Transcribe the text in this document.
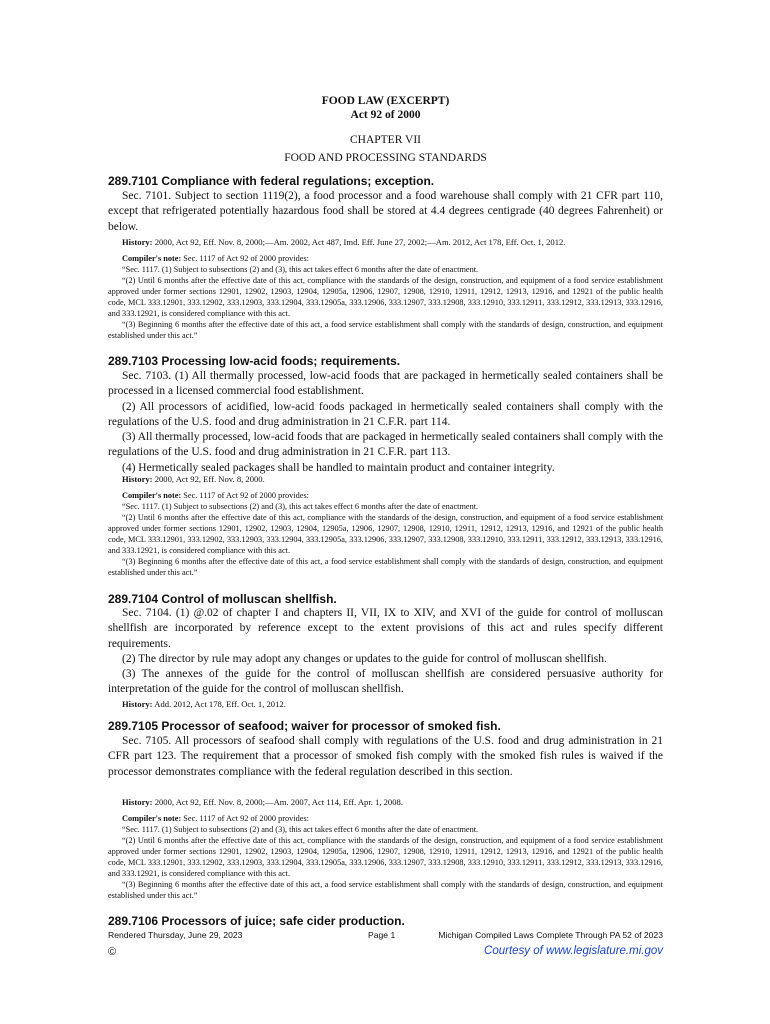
FOOD LAW (EXCERPT)
Act 92 of 2000
CHAPTER VII
FOOD AND PROCESSING STANDARDS
289.7101 Compliance with federal regulations; exception.

Sec. 7101. Subject to section 1119(2), a food processor and a food warehouse shall comply with 21 CFR part 110, except that refrigerated potentially hazardous food shall be stored at 4.4 degrees centigrade (40 degrees Fahrenheit) or below.

History: 2000, Act 92, Eff. Nov. 8, 2000;—Am. 2002, Act 487, Imd. Eff. June 27, 2002;—Am. 2012, Act 178, Eff. Oct. 1, 2012.

Compiler's note: Sec. 1117 of Act 92 of 2000 provides:

“Sec. 1117. (1) Subject to subsections (2) and (3), this act takes effect 6 months after the date of enactment.

“(2) Until 6 months after the effective date of this act, compliance with the standards of the design, construction, and equipment of a food service establishment approved under former sections 12901, 12902, 12903, 12904, 12905a, 12906, 12907, 12908, 12910, 12911, 12912, 12913, 12916, and 12921 of the public health code, MCL 333.12901, 333.12902, 333.12903, 333.12904, 333.12905a, 333.12906, 333.12907, 333.12908, 333.12910, 333.12911, 333.12912, 333.12913, 333.12916, and 333.12921, is considered compliance with this act.

“(3) Beginning 6 months after the effective date of this act, a food service establishment shall comply with the standards of design, construction, and equipment established under this act.”

289.7103 Processing low-acid foods; requirements.

Sec. 7103. (1) All thermally processed, low-acid foods that are packaged in hermetically sealed containers shall be processed in a licensed commercial food establishment.

(2) All processors of acidified, low-acid foods packaged in hermetically sealed containers shall comply with the regulations of the U.S. food and drug administration in 21 C.F.R. part 114.

(3) All thermally processed, low-acid foods that are packaged in hermetically sealed containers shall comply with the regulations of the U.S. food and drug administration in 21 C.F.R. part 113.

(4) Hermetically sealed packages shall be handled to maintain product and container integrity.

History: 2000, Act 92, Eff. Nov. 8, 2000.

Compiler's note: Sec. 1117 of Act 92 of 2000 provides:

“Sec. 1117. (1) Subject to subsections (2) and (3), this act takes effect 6 months after the date of enactment.

“(2) Until 6 months after the effective date of this act, compliance with the standards of the design, construction, and equipment of a food service establishment approved under former sections 12901, 12902, 12903, 12904, 12905a, 12906, 12907, 12908, 12910, 12911, 12912, 12913, 12916, and 12921 of the public health code, MCL 333.12901, 333.12902, 333.12903, 333.12904, 333.12905a, 333.12906, 333.12907, 333.12908, 333.12910, 333.12911, 333.12912, 333.12913, 333.12916, and 333.12921, is considered compliance with this act.

“(3) Beginning 6 months after the effective date of this act, a food service establishment shall comply with the standards of design, construction, and equipment established under this act.”

289.7104 Control of molluscan shellfish.

Sec. 7104. (1) @.02 of chapter I and chapters II, VII, IX to XIV, and XVI of the guide for control of molluscan shellfish are incorporated by reference except to the extent provisions of this act and rules specify different requirements.

(2) The director by rule may adopt any changes or updates to the guide for control of molluscan shellfish.

(3) The annexes of the guide for the control of molluscan shellfish are considered persuasive authority for interpretation of the guide for the control of molluscan shellfish.

History: Add. 2012, Act 178, Eff. Oct. 1, 2012.

289.7105 Processor of seafood; waiver for processor of smoked fish.

Sec. 7105. All processors of seafood shall comply with regulations of the U.S. food and drug administration in 21 CFR part 123. The requirement that a processor of smoked fish comply with the smoked fish rules is waived if the processor demonstrates compliance with the federal regulation described in this section.

History: 2000, Act 92, Eff. Nov. 8, 2000;—Am. 2007, Act 114, Eff. Apr. 1, 2008.

Compiler's note: Sec. 1117 of Act 92 of 2000 provides:

“Sec. 1117. (1) Subject to subsections (2) and (3), this act takes effect 6 months after the date of enactment.

“(2) Until 6 months after the effective date of this act, compliance with the standards of the design, construction, and equipment of a food service establishment approved under former sections 12901, 12902, 12903, 12904, 12905a, 12906, 12907, 12908, 12910, 12911, 12912, 12913, 12916, and 12921 of the public health code, MCL 333.12901, 333.12902, 333.12903, 333.12904, 333.12905a, 333.12906, 333.12907, 333.12908, 333.12910, 333.12911, 333.12912, 333.12913, 333.12916, and 333.12921, is considered compliance with this act.

“(3) Beginning 6 months after the effective date of this act, a food service establishment shall comply with the standards of design, construction, and equipment established under this act.”

289.7106 Processors of juice; safe cider production.
Rendered Thursday, June 29, 2023	Page 1	Michigan Compiled Laws Complete Through PA 52 of 2023
©	Courtesy of www.legislature.mi.gov
